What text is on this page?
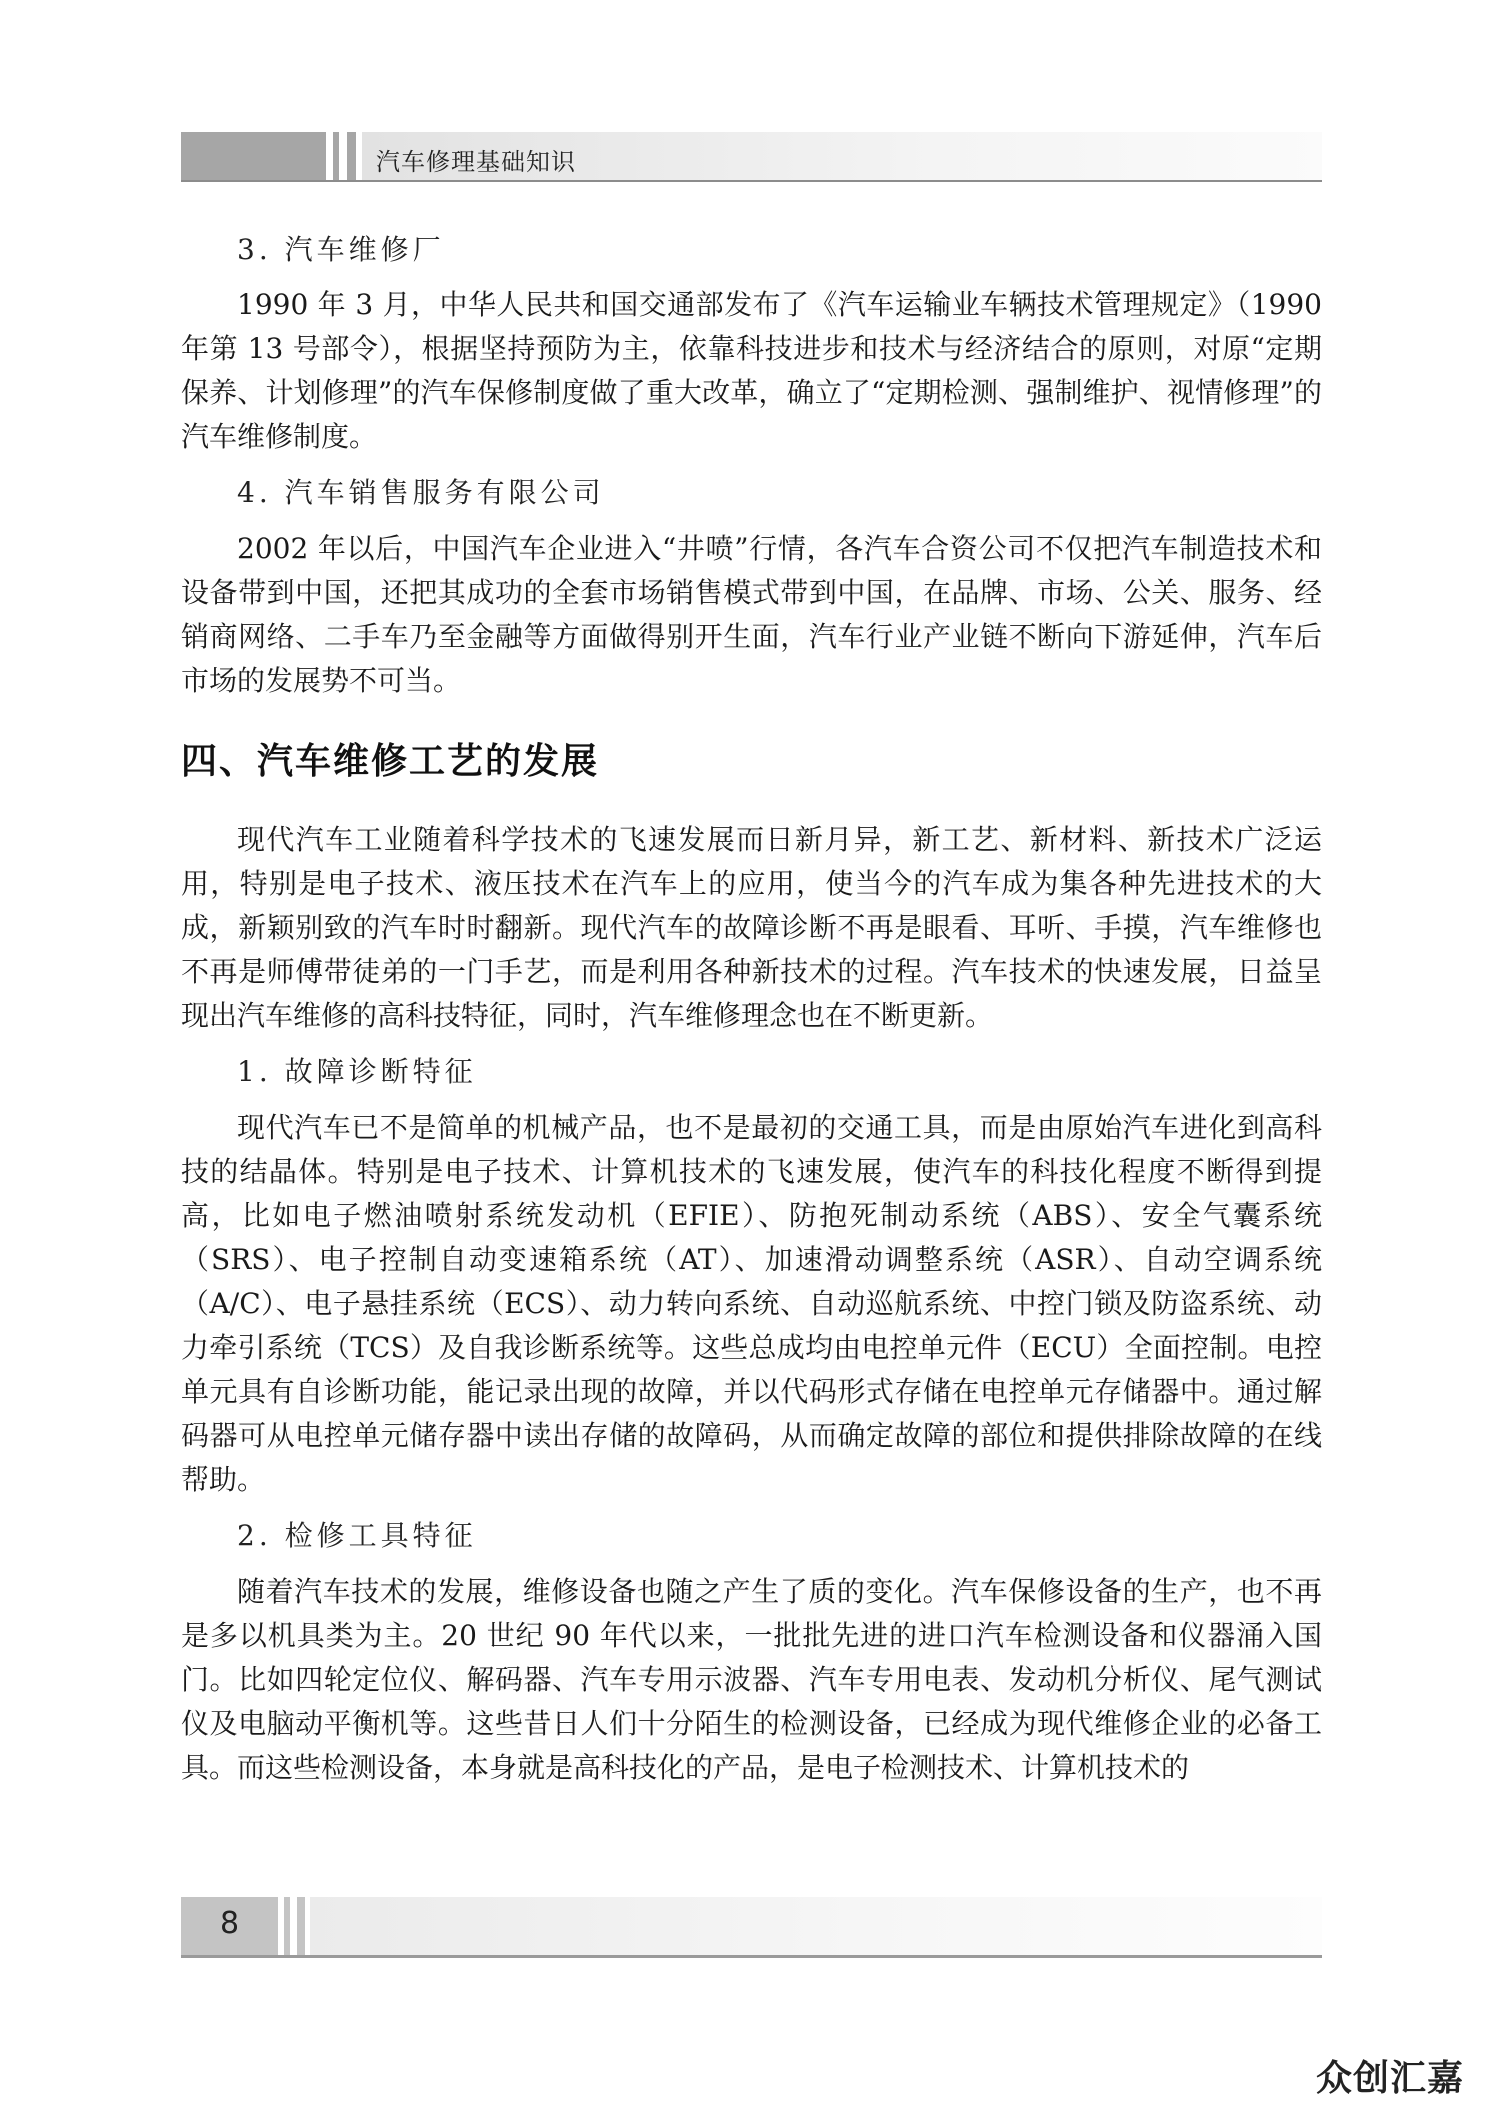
汽车修理基础知识

3. 汽车维修厂

1990 年 3 月，中华人民共和国交通部发布了《汽车运输业车辆技术管理规定》（1990 年第 13 号部令），根据坚持预防为主，依靠科技进步和技术与经济结合的原则，对原“定期保养、计划修理”的汽车保修制度做了重大改革，确立了“定期检测、强制维护、视情修理”的汽车维修制度。

4. 汽车销售服务有限公司

2002 年以后，中国汽车企业进入“井喷”行情，各汽车合资公司不仅把汽车制造技术和设备带到中国，还把其成功的全套市场销售模式带到中国，在品牌、市场、公关、服务、经销商网络、二手车乃至金融等方面做得别开生面，汽车行业产业链不断向下游延伸，汽车后市场的发展势不可当。

四、汽车维修工艺的发展

现代汽车工业随着科学技术的飞速发展而日新月异，新工艺、新材料、新技术广泛运用，特别是电子技术、液压技术在汽车上的应用，使当今的汽车成为集各种先进技术的大成，新颖别致的汽车时时翻新。现代汽车的故障诊断不再是眼看、耳听、手摸，汽车维修也不再是师傅带徒弟的一门手艺，而是利用各种新技术的过程。汽车技术的快速发展，日益呈现出汽车维修的高科技特征，同时，汽车维修理念也在不断更新。

1. 故障诊断特征

现代汽车已不是简单的机械产品，也不是最初的交通工具，而是由原始汽车进化到高科技的结晶体。特别是电子技术、计算机技术的飞速发展，使汽车的科技化程度不断得到提高，比如电子燃油喷射系统发动机（EFIE）、防抱死制动系统（ABS）、安全气囊系统（SRS）、电子控制自动变速箱系统（AT）、加速滑动调整系统（ASR）、自动空调系统（A/C）、电子悬挂系统（ECS）、动力转向系统、自动巡航系统、中控门锁及防盗系统、动力牵引系统（TCS）及自我诊断系统等。这些总成均由电控单元件（ECU）全面控制。电控单元具有自诊断功能，能记录出现的故障，并以代码形式存储在电控单元存储器中。通过解码器可从电控单元储存器中读出存储的故障码，从而确定故障的部位和提供排除故障的在线帮助。

2. 检修工具特征

随着汽车技术的发展，维修设备也随之产生了质的变化。汽车保修设备的生产，也不再是多以机具类为主。20 世纪 90 年代以来，一批批先进的进口汽车检测设备和仪器涌入国门。比如四轮定位仪、解码器、汽车专用示波器、汽车专用电表、发动机分析仪、尾气测试仪及电脑动平衡机等。这些昔日人们十分陌生的检测设备，已经成为现代维修企业的必备工具。而这些检测设备，本身就是高科技化的产品，是电子检测技术、计算机技术的

8
众创汇嘉
